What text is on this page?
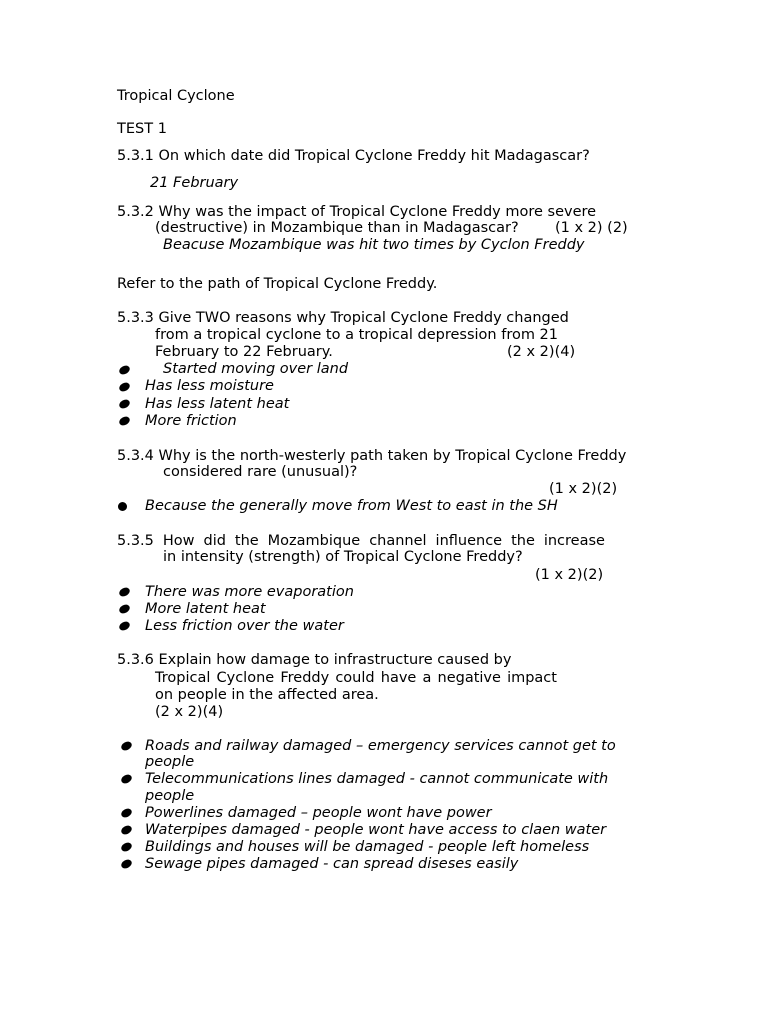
Tropical Cyclone
TEST 1
5.3.1 On which date did Tropical Cyclone Freddy hit Madagascar?
21 February
5.3.2 Why was the impact of Tropical Cyclone Freddy more severe
(destructive) in Mozambique than in Madagascar?	(1 x 2) (2)
Beacuse Mozambique was hit two times by Cyclon Freddy
Refer to the path of Tropical Cyclone Freddy.
5.3.3 Give TWO reasons why Tropical Cyclone Freddy changed
from a tropical cyclone to a tropical depression from 21
February to 22 February.	(2 x 2)(4)
Started moving over land
Has less moisture
Has less latent heat
More friction
5.3.4 Why is the north-westerly path taken by Tropical Cyclone Freddy
considered rare (unusual)?
(1 x 2)(2)
Because the generally move from West to east in the SH
5.3.5 How did the Mozambique channel influence the increase
in intensity (strength) of Tropical Cyclone Freddy?
(1 x 2)(2)
There was more evaporation
More latent heat
Less friction over the water
5.3.6 Explain how damage to infrastructure caused by
Tropical Cyclone Freddy could have a negative impact
on people in the affected area.
(2 x 2)(4)
Roads and railway damaged – emergency services cannot get to
people
Telecommunications lines damaged - cannot communicate with
people
Powerlines damaged – people wont have power
Waterpipes damaged - people wont have access to claen water
Buildings and houses will be damaged - people left homeless
Sewage pipes damaged - can spread diseses easily
